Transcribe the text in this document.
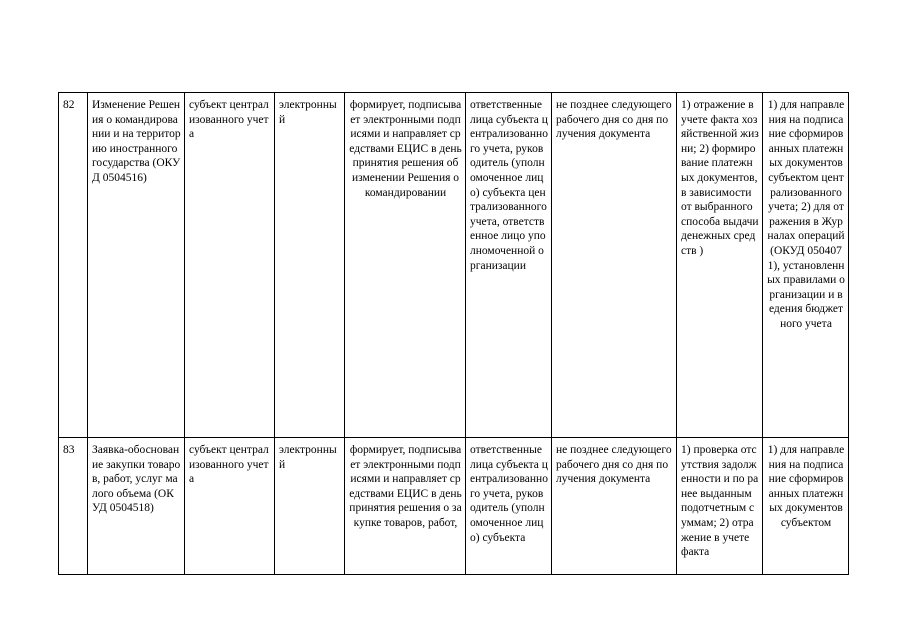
82	Изменение Решения о командировании и на территорию иностранного государства (ОКУД 0504516)	субъект централизованного учета	электронный	формирует, подписывает электронными подписями и направляет средствами ЕЦИС в день принятия решения об изменении Решения о командировании	ответственные лица субъекта централизованного учета, руководитель (уполномоченное лицо) субъекта централизованного учета, ответственное лицо уполномоченной организации	не позднее следующего рабочего дня со дня получения документа	1) отражение в учете факта хозяйственной жизни; 2) формирование платежных документов, в зависимости от выбранного способа выдачи денежных средств )	1) для направления на подписание сформированных платежных документов субъектом централизованного учета; 2) для отражения в Журналах операций (ОКУД 0504071), установленных правилами организации и ведения бюджетного учета

83	Заявка-обоснование закупки товаров, работ, услуг малого объема (ОКУД 0504518)	субъект централизованного учета	электронный	формирует, подписывает электронными подписями и направляет средствами ЕЦИС в день принятия решения о закупке товаров, работ,	ответственные лица субъекта централизованного учета, руководитель (уполномоченное лицо) субъекта	не позднее следующего рабочего дня со дня получения документа	1) проверка отсутствия задолженности и по ранее выданным подотчетным суммам; 2) отражение в учете факта	1) для направления на подписание сформированных платежных документов субъектом
